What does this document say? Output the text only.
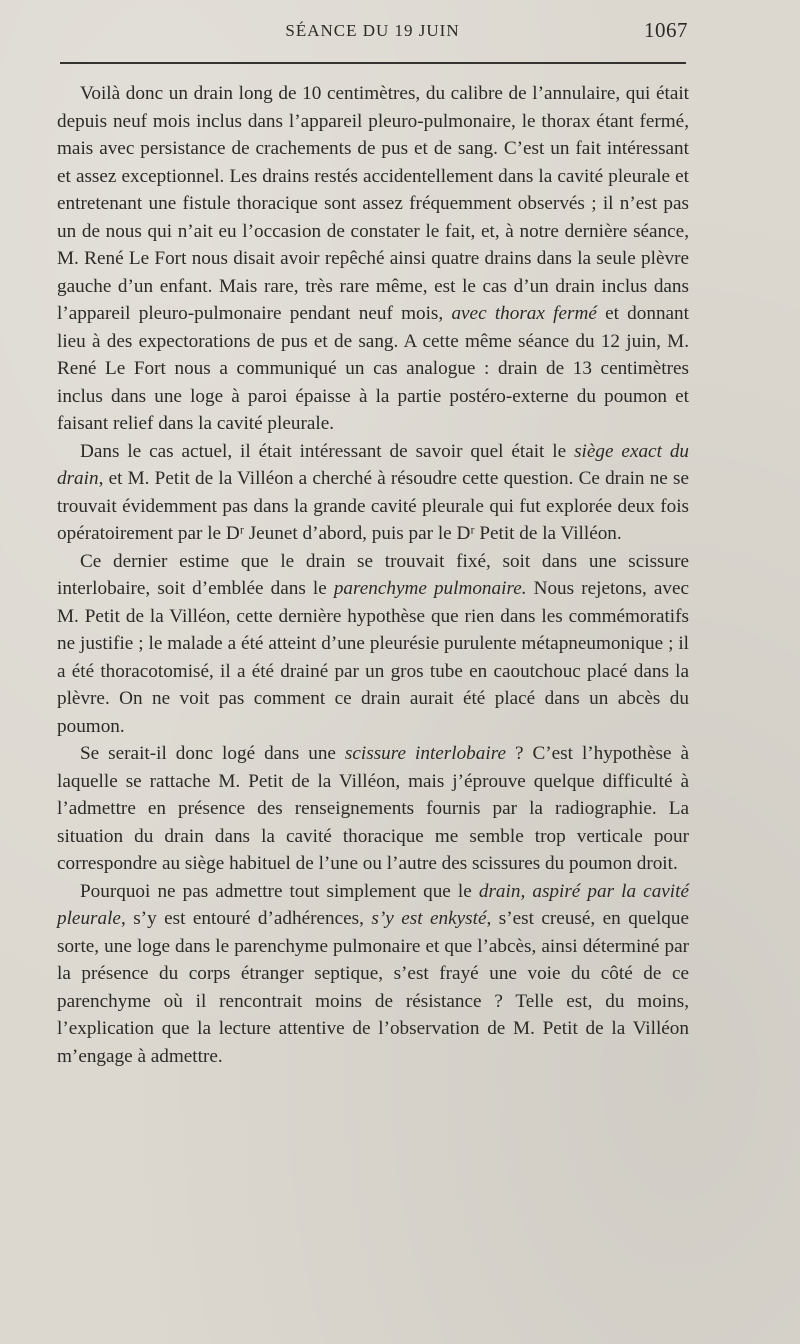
SÉANCE DU 19 JUIN	1067

Voilà donc un drain long de 10 centimètres, du calibre de l’annulaire, qui était depuis neuf mois inclus dans l’appareil pleuro-pulmonaire, le thorax étant fermé, mais avec persistance de crachements de pus et de sang. C’est un fait intéressant et assez exceptionnel. Les drains restés accidentellement dans la cavité pleurale et entretenant une fistule thoracique sont assez fréquemment observés ; il n’est pas un de nous qui n’ait eu l’occasion de constater le fait, et, à notre dernière séance, M. René Le Fort nous disait avoir repêché ainsi quatre drains dans la seule plèvre gauche d’un enfant. Mais rare, très rare même, est le cas d’un drain inclus dans l’appareil pleuro-pulmonaire pendant neuf mois, avec thorax fermé et donnant lieu à des expectorations de pus et de sang. A cette même séance du 12 juin, M. René Le Fort nous a communiqué un cas analogue : drain de 13 centimètres inclus dans une loge à paroi épaisse à la partie postéro-externe du poumon et faisant relief dans la cavité pleurale.

Dans le cas actuel, il était intéressant de savoir quel était le siège exact du drain, et M. Petit de la Villéon a cherché à résoudre cette question. Ce drain ne se trouvait évidemment pas dans la grande cavité pleurale qui fut explorée deux fois opératoirement par le Dʳ Jeunet d’abord, puis par le Dʳ Petit de la Villéon.

Ce dernier estime que le drain se trouvait fixé, soit dans une scissure interlobaire, soit d’emblée dans le parenchyme pulmonaire. Nous rejetons, avec M. Petit de la Villéon, cette dernière hypothèse que rien dans les commémoratifs ne justifie ; le malade a été atteint d’une pleurésie purulente métapneumonique ; il a été thoracotomisé, il a été drainé par un gros tube en caoutchouc placé dans la plèvre. On ne voit pas comment ce drain aurait été placé dans un abcès du poumon.

Se serait-il donc logé dans une scissure interlobaire ? C’est l’hypothèse à laquelle se rattache M. Petit de la Villéon, mais j’éprouve quelque difficulté à l’admettre en présence des renseignements fournis par la radiographie. La situation du drain dans la cavité thoracique me semble trop verticale pour correspondre au siège habituel de l’une ou l’autre des scissures du poumon droit.

Pourquoi ne pas admettre tout simplement que le drain, aspiré par la cavité pleurale, s’y est entouré d’adhérences, s’y est enkysté, s’est creusé, en quelque sorte, une loge dans le parenchyme pulmonaire et que l’abcès, ainsi déterminé par la présence du corps étranger septique, s’est frayé une voie du côté de ce parenchyme où il rencontrait moins de résistance ? Telle est, du moins, l’explication que la lecture attentive de l’observation de M. Petit de la Villéon m’engage à admettre.
